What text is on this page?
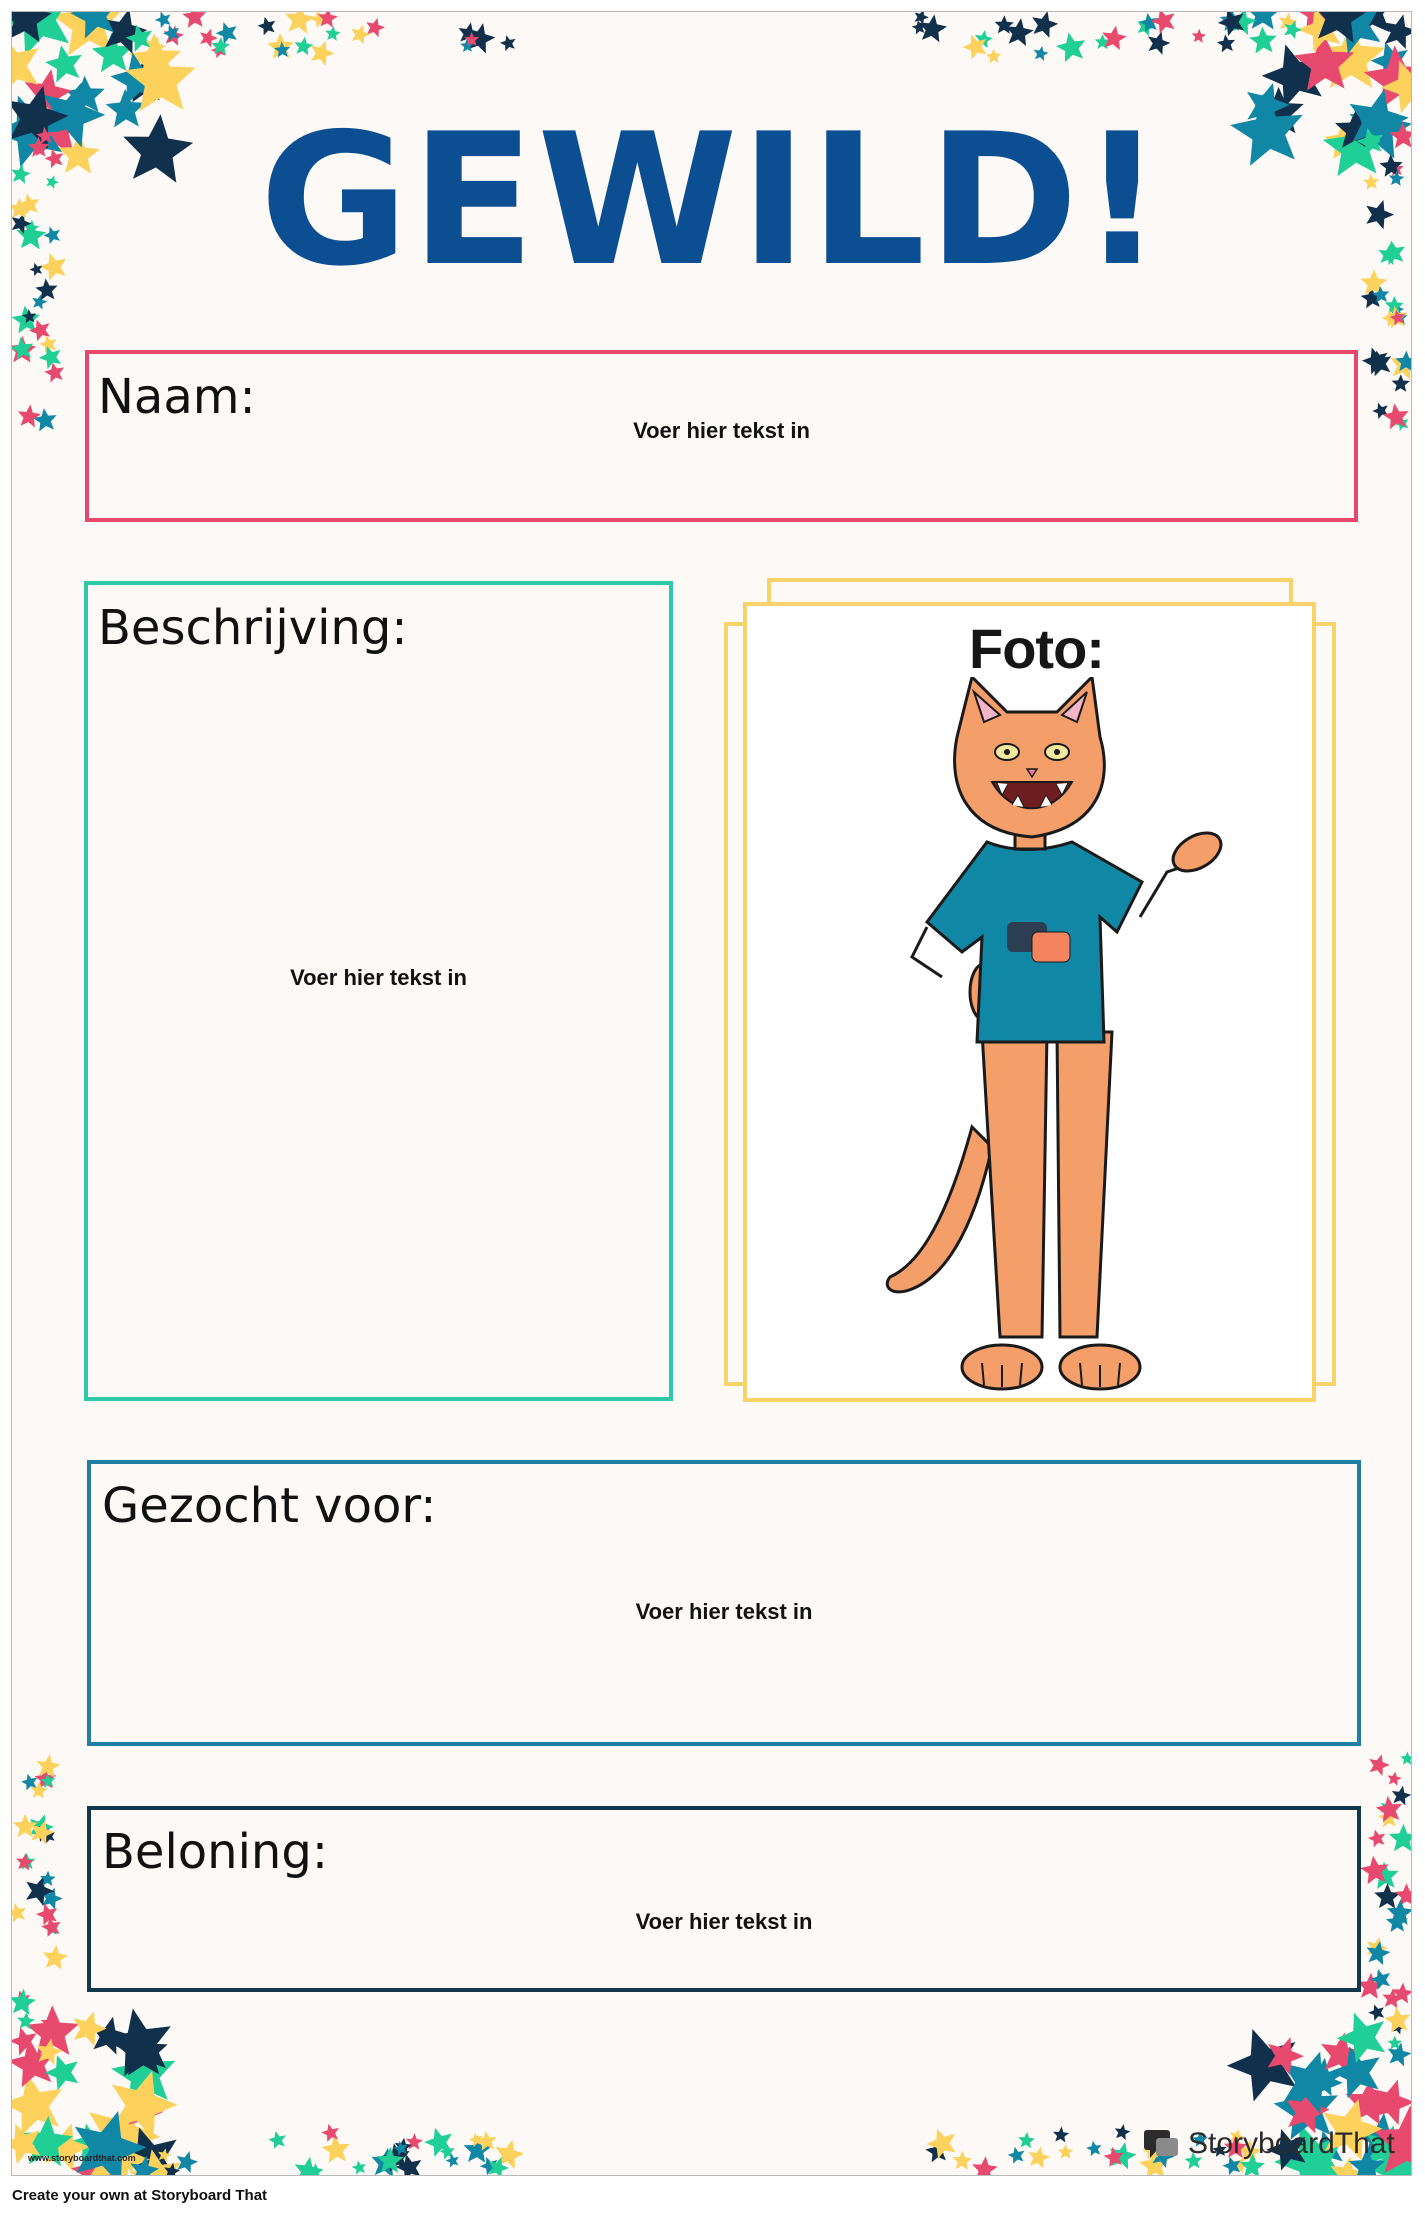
GEWILD!
Naam:
Voer hier tekst in
Beschrijving:
Voer hier tekst in
Foto:
Gezocht voor:
Voer hier tekst in
Beloning:
Voer hier tekst in
www.storyboardthat.com	StoryboardThat
Create your own at Storyboard That
